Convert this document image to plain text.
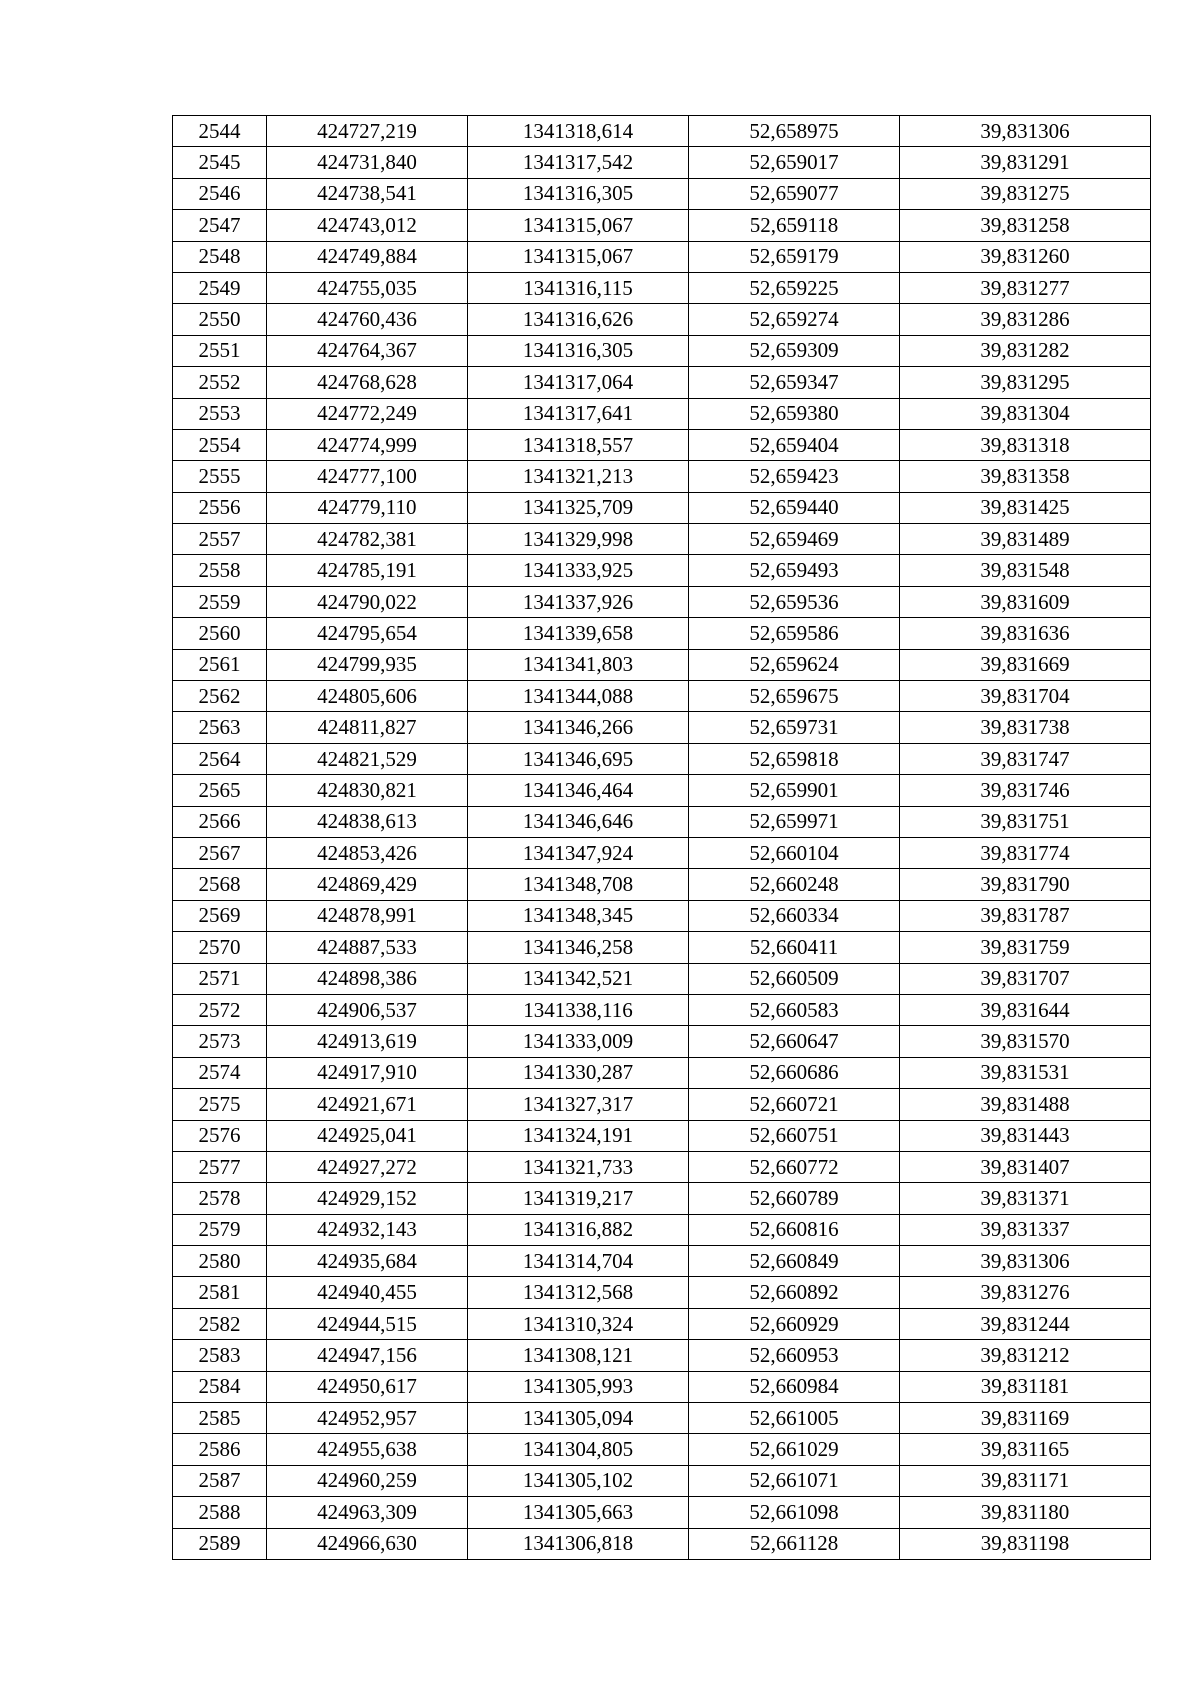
2544	424727,219	1341318,614	52,658975	39,831306
2545	424731,840	1341317,542	52,659017	39,831291
2546	424738,541	1341316,305	52,659077	39,831275
2547	424743,012	1341315,067	52,659118	39,831258
2548	424749,884	1341315,067	52,659179	39,831260
2549	424755,035	1341316,115	52,659225	39,831277
2550	424760,436	1341316,626	52,659274	39,831286
2551	424764,367	1341316,305	52,659309	39,831282
2552	424768,628	1341317,064	52,659347	39,831295
2553	424772,249	1341317,641	52,659380	39,831304
2554	424774,999	1341318,557	52,659404	39,831318
2555	424777,100	1341321,213	52,659423	39,831358
2556	424779,110	1341325,709	52,659440	39,831425
2557	424782,381	1341329,998	52,659469	39,831489
2558	424785,191	1341333,925	52,659493	39,831548
2559	424790,022	1341337,926	52,659536	39,831609
2560	424795,654	1341339,658	52,659586	39,831636
2561	424799,935	1341341,803	52,659624	39,831669
2562	424805,606	1341344,088	52,659675	39,831704
2563	424811,827	1341346,266	52,659731	39,831738
2564	424821,529	1341346,695	52,659818	39,831747
2565	424830,821	1341346,464	52,659901	39,831746
2566	424838,613	1341346,646	52,659971	39,831751
2567	424853,426	1341347,924	52,660104	39,831774
2568	424869,429	1341348,708	52,660248	39,831790
2569	424878,991	1341348,345	52,660334	39,831787
2570	424887,533	1341346,258	52,660411	39,831759
2571	424898,386	1341342,521	52,660509	39,831707
2572	424906,537	1341338,116	52,660583	39,831644
2573	424913,619	1341333,009	52,660647	39,831570
2574	424917,910	1341330,287	52,660686	39,831531
2575	424921,671	1341327,317	52,660721	39,831488
2576	424925,041	1341324,191	52,660751	39,831443
2577	424927,272	1341321,733	52,660772	39,831407
2578	424929,152	1341319,217	52,660789	39,831371
2579	424932,143	1341316,882	52,660816	39,831337
2580	424935,684	1341314,704	52,660849	39,831306
2581	424940,455	1341312,568	52,660892	39,831276
2582	424944,515	1341310,324	52,660929	39,831244
2583	424947,156	1341308,121	52,660953	39,831212
2584	424950,617	1341305,993	52,660984	39,831181
2585	424952,957	1341305,094	52,661005	39,831169
2586	424955,638	1341304,805	52,661029	39,831165
2587	424960,259	1341305,102	52,661071	39,831171
2588	424963,309	1341305,663	52,661098	39,831180
2589	424966,630	1341306,818	52,661128	39,831198
